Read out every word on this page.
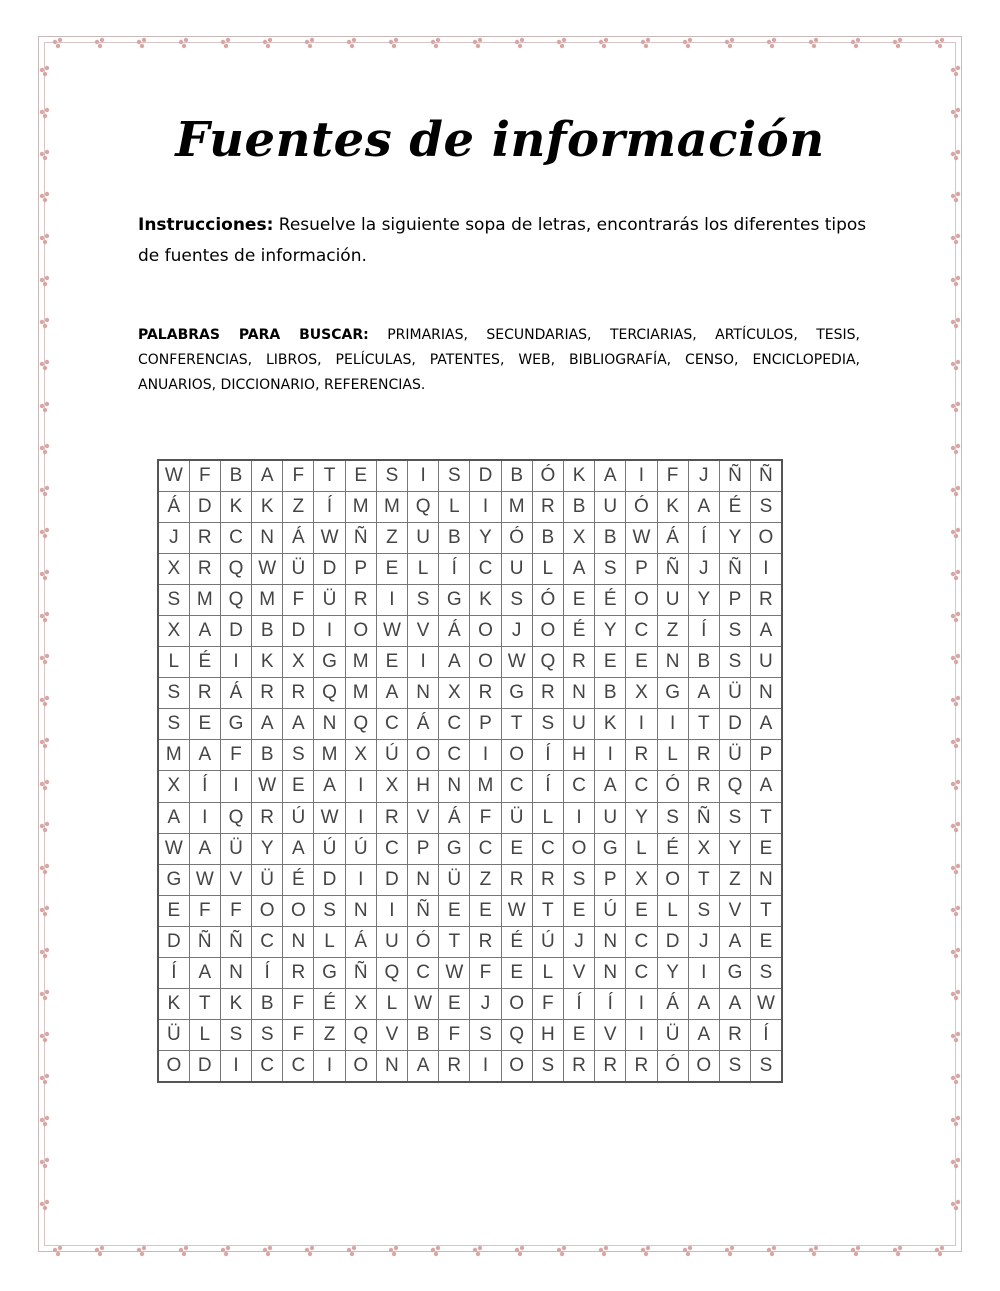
Fuentes de información
Instrucciones: Resuelve la siguiente sopa de letras, encontrarás los diferentes tipos de fuentes de información.
PALABRAS PARA BUSCAR: PRIMARIAS, SECUNDARIAS, TERCIARIAS, ARTÍCULOS, TESIS, CONFERENCIAS, LIBROS, PELÍCULAS, PATENTES, WEB, BIBLIOGRAFÍA, CENSO, ENCICLOPEDIA, ANUARIOS, DICCIONARIO, REFERENCIAS.
W	F	B	A	F	T	E	S	I	S	D	B	Ó	K	A	I	F	J	Ñ	Ñ
Á	D	K	K	Z	Í	M	M	Q	L	I	M	R	B	U	Ó	K	A	É	S
J	R	C	N	Á	W	Ñ	Z	U	B	Y	Ó	B	X	B	W	Á	Í	Y	O
X	R	Q	W	Ü	D	P	E	L	Í	C	U	L	A	S	P	Ñ	J	Ñ	I
S	M	Q	M	F	Ü	R	I	S	G	K	S	Ó	E	É	O	U	Y	P	R
X	A	D	B	D	I	O	W	V	Á	O	J	O	É	Y	C	Z	Í	S	A
L	É	I	K	X	G	M	E	I	A	O	W	Q	R	E	E	N	B	S	U
S	R	Á	R	R	Q	M	A	N	X	R	G	R	N	B	X	G	A	Ü	N
S	E	G	A	A	N	Q	C	Á	C	P	T	S	U	K	I	I	T	D	A
M	A	F	B	S	M	X	Ú	O	C	I	O	Í	H	I	R	L	R	Ü	P
X	Í	I	W	E	A	I	X	H	N	M	C	Í	C	A	C	Ó	R	Q	A
A	I	Q	R	Ú	W	I	R	V	Á	F	Ü	L	I	U	Y	S	Ñ	S	T
W	A	Ü	Y	A	Ú	Ú	C	P	G	C	E	C	O	G	L	É	X	Y	E
G	W	V	Ü	É	D	I	D	N	Ü	Z	R	R	S	P	X	O	T	Z	N
E	F	F	O	O	S	N	I	Ñ	E	E	W	T	E	Ú	E	L	S	V	T
D	Ñ	Ñ	C	N	L	Á	U	Ó	T	R	É	Ú	J	N	C	D	J	A	E
Í	A	N	Í	R	G	Ñ	Q	C	W	F	E	L	V	N	C	Y	I	G	S
K	T	K	B	F	É	X	L	W	E	J	O	F	Í	Í	I	Á	A	A	W
Ü	L	S	S	F	Z	Q	V	B	F	S	Q	H	E	V	I	Ü	A	R	Í
O	D	I	C	C	I	O	N	A	R	I	O	S	R	R	R	Ó	O	S	S
